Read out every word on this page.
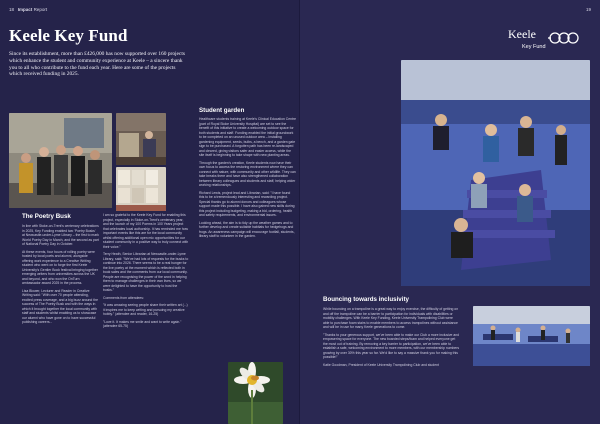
18 Impact Report
Keele Key Fund

Since its establishment, more than £426,000 has now supported over 160 projects which enhance the student and community experience at Keele – a sincere thank you to all who contribute to the fund each year. Here are some of the projects which received funding in 2025.

The Poetry Busk

In line with Stoke-on-Trent's centenary celebrations in 2025, Key Funding enabled two 'Poetry Busks' at Newcastle-under-Lyme Library – the first to mark World Poetry Day in March, and the second as part of National Poetry Day in October.

At these events, four hours of rolling poetry were hosted by local poets and alumni, alongside offering work experience to a Creative Writing student who went on to forge the first Keele University's Gentler Book festival bringing together emerging writers from universities across the UK and beyond, and who won the OnTurn ambassador award 2025 in the process.

Lisa Blower, Lecturer and Reader in Creative Writing said: "With over 70 people attending, excited press coverage, and a big buzz around the success of The Poetry Busk and with the ways in which it brought together the local community with staff and students whilst enabling us to showcase our alumni who have gone on to have successful publishing careers...

I am so grateful to the Keele Key Fund for enabling this project, especially in Stoke-on-Trent's centenary year, and the launch of my 100 Poems in 100 Years project that celebrates local authorship. It has reminded me how important events like this are for the local community whilst offering additional open mic opportunities for our student community in a positive way to truly connect with their voice."

Terry Heath, Senior Librarian at Newcastle-under-Lyme Library, said: "We've had lots of requests for the busks to continue into 2026. There seems to be a real hunger for the live poetry at the moment which is reflected both in book sales and the comments from our local community. People are recognising the power of the word in helping them to manage challenges in their own lives, so we were delighted to have the opportunity to host the busks."

Comments from attendees:

"It was amazing seeing people share their written art (...) it inspires me to keep writing and pursuing my creative hobby." (attendee and reader, 16-25)

"Love it. It makes me smile and want to write again." (attendee 65-75)

19
Keele
Key Fund
Student garden

Healthcare students training at Keele's Clinical Education Centre (part of Royal Stoke University Hospital) are set to see the benefit of this initiative to create a welcoming outdoor space for both students and staff. Funding enabled the initial groundwork to be completed on an unused outdoor area – installing gardening equipment, seeds, bulbs, a bench, and a garden gate sign to be purchased. A forgotten path has been re-landscaped and cleared, giving visitors safer and easier access, while the site itself is beginning to take shape with new planting areas.

Through the garden's creation, Keele students now have their own focus to access the restoring environment where they can connect with nature, with community and other wildlife. They can take breaks there and have also strengthened collaboration between library colleagues and students and staff, helping wider working relationships.

Richard Lewis, project lead and Librarian, said: "I have found this to be a tremendously interesting and rewarding project. Special thanks go to alumni donors and colleagues whose support made this possible. I have also gained new skills during this project including budgeting, making a bid, ordering, health and safety requirements, and environmental issues.

Looking ahead, the aim is to tidy up the weather games and to further develop and create suitable habitats for hedgehogs and frogs. An awareness campaign will encourage footfall, students, library staff to volunteer in the garden.

Bouncing towards inclusivity

While bouncing on a trampoline is a great way to enjoy exercise, the difficulty of getting on and off the trampoline can be a barrier to participation for individuals with disabilities or mobility challenges. With Keele Key Funding, Keele University Trampolining Club were able to purchase foam stairs to enable members to access trampolines without assistance and will be in use for many Keele generations to come.

"Thanks to your generous support, we've been able to make our Club a more inclusive and empowering space for everyone. The new boarded steps/foam and helped everyone get the most out of training. By removing a key barrier to participation, we've been able to establish a safe, welcoming environment to more members, with our membership numbers growing by over 30% this year so far. We'd like to say a massive thank you for making this possible!"

Katie Goodman, President of Keele University Trampolining Club and student
